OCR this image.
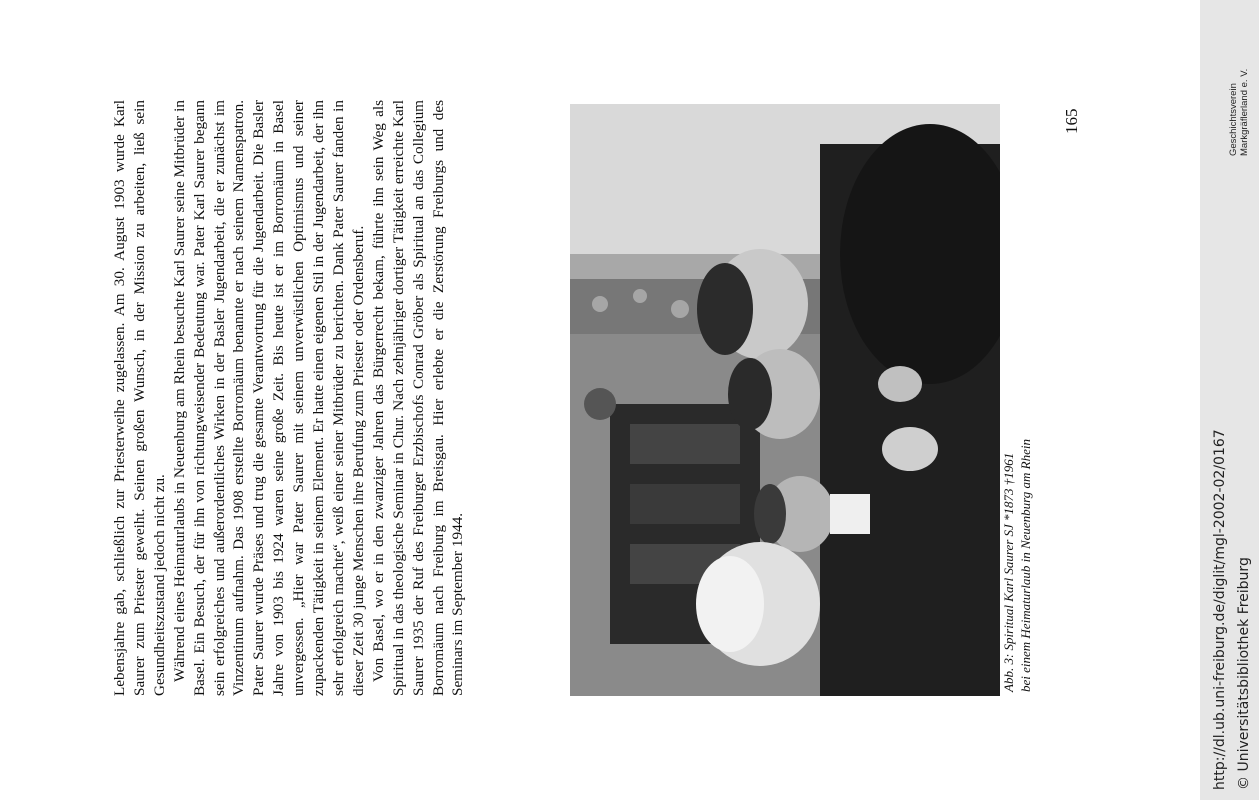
Lebensjahre gab, schließlich zur Priesterweihe zugelassen. Am 30. August 1903 wurde Karl Saurer zum Priester geweiht. Seinen großen Wunsch, in der Mission zu arbeiten, ließ sein Gesundheitszustand jedoch nicht zu. Während eines Heimaturlaubs in Neuenburg am Rhein besuchte Karl Saurer seine Mitbrüder in Basel. Ein Besuch, der für ihn von richtungweisender Bedeutung war. Pater Karl Saurer begann sein erfolgreiches und außerordentliches Wirken in der Basler Jugendarbeit, die er zunächst im Vinzentinum aufnahm. Das 1908 erstellte Borromäum benannte er nach seinem Namenspatron. Pater Saurer wurde Präses und trug die gesamte Verantwortung für die Jugendarbeit. Die Basler Jahre von 1903 bis 1924 waren seine große Zeit. Bis heute ist er im Borromäum in Basel unvergessen. „Hier war Pater Saurer mit seinem unverwüstlichen Optimismus und seiner zupackenden Tätigkeit in seinem Element. Er hatte einen eigenen Stil in der Jugendarbeit, der ihn sehr erfolgreich machte“, weiß einer seiner Mitbrüder zu berichten. Dank Pater Saurer fanden in dieser Zeit 30 junge Menschen ihre Berufung zum Priester oder Ordensberuf. Von Basel, wo er in den zwanziger Jahren das Bürgerrecht bekam, führte ihn sein Weg als Spiritual in das theologische Seminar in Chur. Nach zehnjähriger dortiger Tätigkeit erreichte Karl Saurer 1935 der Ruf des Freiburger Erzbischofs Conrad Gröber als Spiritual an das Collegium Borromäum nach Freiburg im Breisgau. Hier erlebte er die Zerstörung Freiburgs und des Seminars im September 1944.	Abb. 3: Spiritual Karl Saurer SJ *1873 †1961 bei einem Heimaturlaub in Neuenburg am Rhein
165
http://dl.ub.uni-freiburg.de/diglit/mgl-2002-02/0167 © Universitätsbibliothek Freiburg
Geschichtsverein Markgräflerland e. V.
